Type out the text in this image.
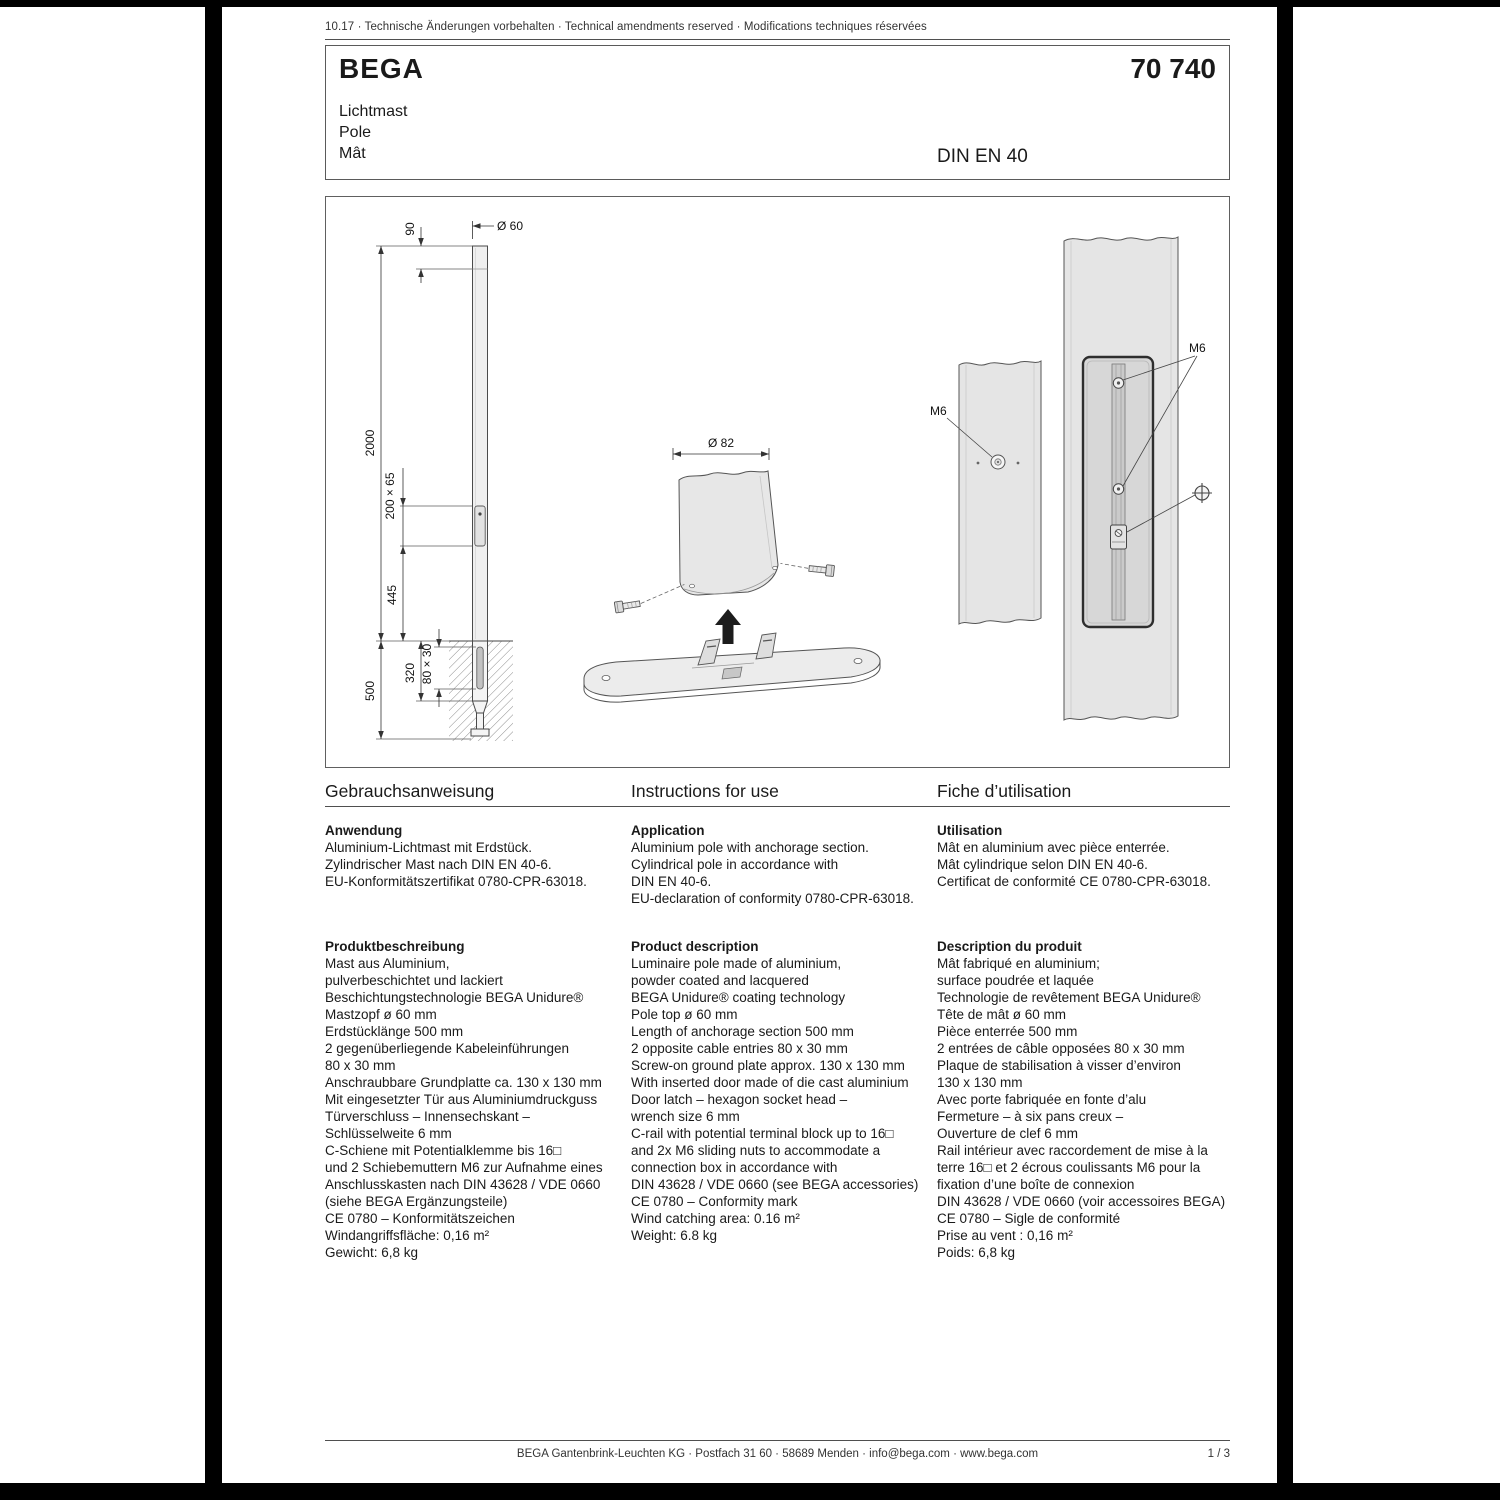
10.17 · Technische Änderungen vorbehalten · Technical amendments reserved · Modifications techniques réservées
BEGA	70 740
Lichtmast
Pole
Mât	DIN EN 40
2000
90	Ø 60
200 × 65
445
500
320 80 × 30
Ø 82
M6
M6
Gebrauchsanweisung	Instructions for use	Fiche d’utilisation
Anwendung
Aluminium-Lichtmast mit Erdstück.
Zylindrischer Mast nach DIN EN 40-6.
EU-Konformitätszertifikat 0780-CPR-63018.
Produktbeschreibung
Mast aus Aluminium,
pulverbeschichtet und lackiert
Beschichtungstechnologie BEGA Unidure®
Mastzopf ø 60 mm
Erdstücklänge 500 mm
2 gegenüberliegende Kabeleinführungen
80 x 30 mm
Anschraubbare Grundplatte ca. 130 x 130 mm
Mit eingesetzter Tür aus Aluminiumdruckguss
Türverschluss – Innensechskant –
Schlüsselweite 6 mm
C-Schiene mit Potentialklemme bis 16□
und 2 Schiebemuttern M6 zur Aufnahme eines
Anschlusskasten nach DIN 43628 / VDE 0660
(siehe BEGA Ergänzungsteile)
CE 0780 – Konformitätszeichen
Windangriffsfläche: 0,16 m²
Gewicht: 6,8 kg
Application
Aluminium pole with anchorage section.
Cylindrical pole in accordance with
DIN EN 40-6.
EU-declaration of conformity 0780-CPR-63018.
Product description
Luminaire pole made of aluminium,
powder coated and lacquered
BEGA Unidure® coating technology
Pole top ø 60 mm
Length of anchorage section 500 mm
2 opposite cable entries 80 x 30 mm
Screw-on ground plate approx. 130 x 130 mm
With inserted door made of die cast aluminium
Door latch – hexagon socket head –
wrench size 6 mm
C-rail with potential terminal block up to 16□
and 2x M6 sliding nuts to accommodate a
connection box in accordance with
DIN 43628 / VDE 0660 (see BEGA accessories)
CE 0780 – Conformity mark
Wind catching area: 0.16 m²
Weight: 6.8 kg
Utilisation
Mât en aluminium avec pièce enterrée.
Mât cylindrique selon DIN EN 40-6.
Certificat de conformité CE 0780-CPR-63018.
Description du produit
Mât fabriqué en aluminium;
surface poudrée et laquée
Technologie de revêtement BEGA Unidure®
Tête de mât ø 60 mm
Pièce enterrée 500 mm
2 entrées de câble opposées 80 x 30 mm
Plaque de stabilisation à visser d’environ
130 x 130 mm
Avec porte fabriquée en fonte d’alu
Fermeture – à six pans creux –
Ouverture de clef 6 mm
Rail intérieur avec raccordement de mise à la
terre 16□ et 2 écrous coulissants M6 pour la
fixation d’une boîte de connexion
DIN 43628 / VDE 0660 (voir accessoires BEGA)
CE 0780 – Sigle de conformité
Prise au vent : 0,16 m²
Poids: 6,8 kg
BEGA Gantenbrink-Leuchten KG · Postfach 31 60 · 58689 Menden · info@bega.com · www.bega.com	1 / 3
